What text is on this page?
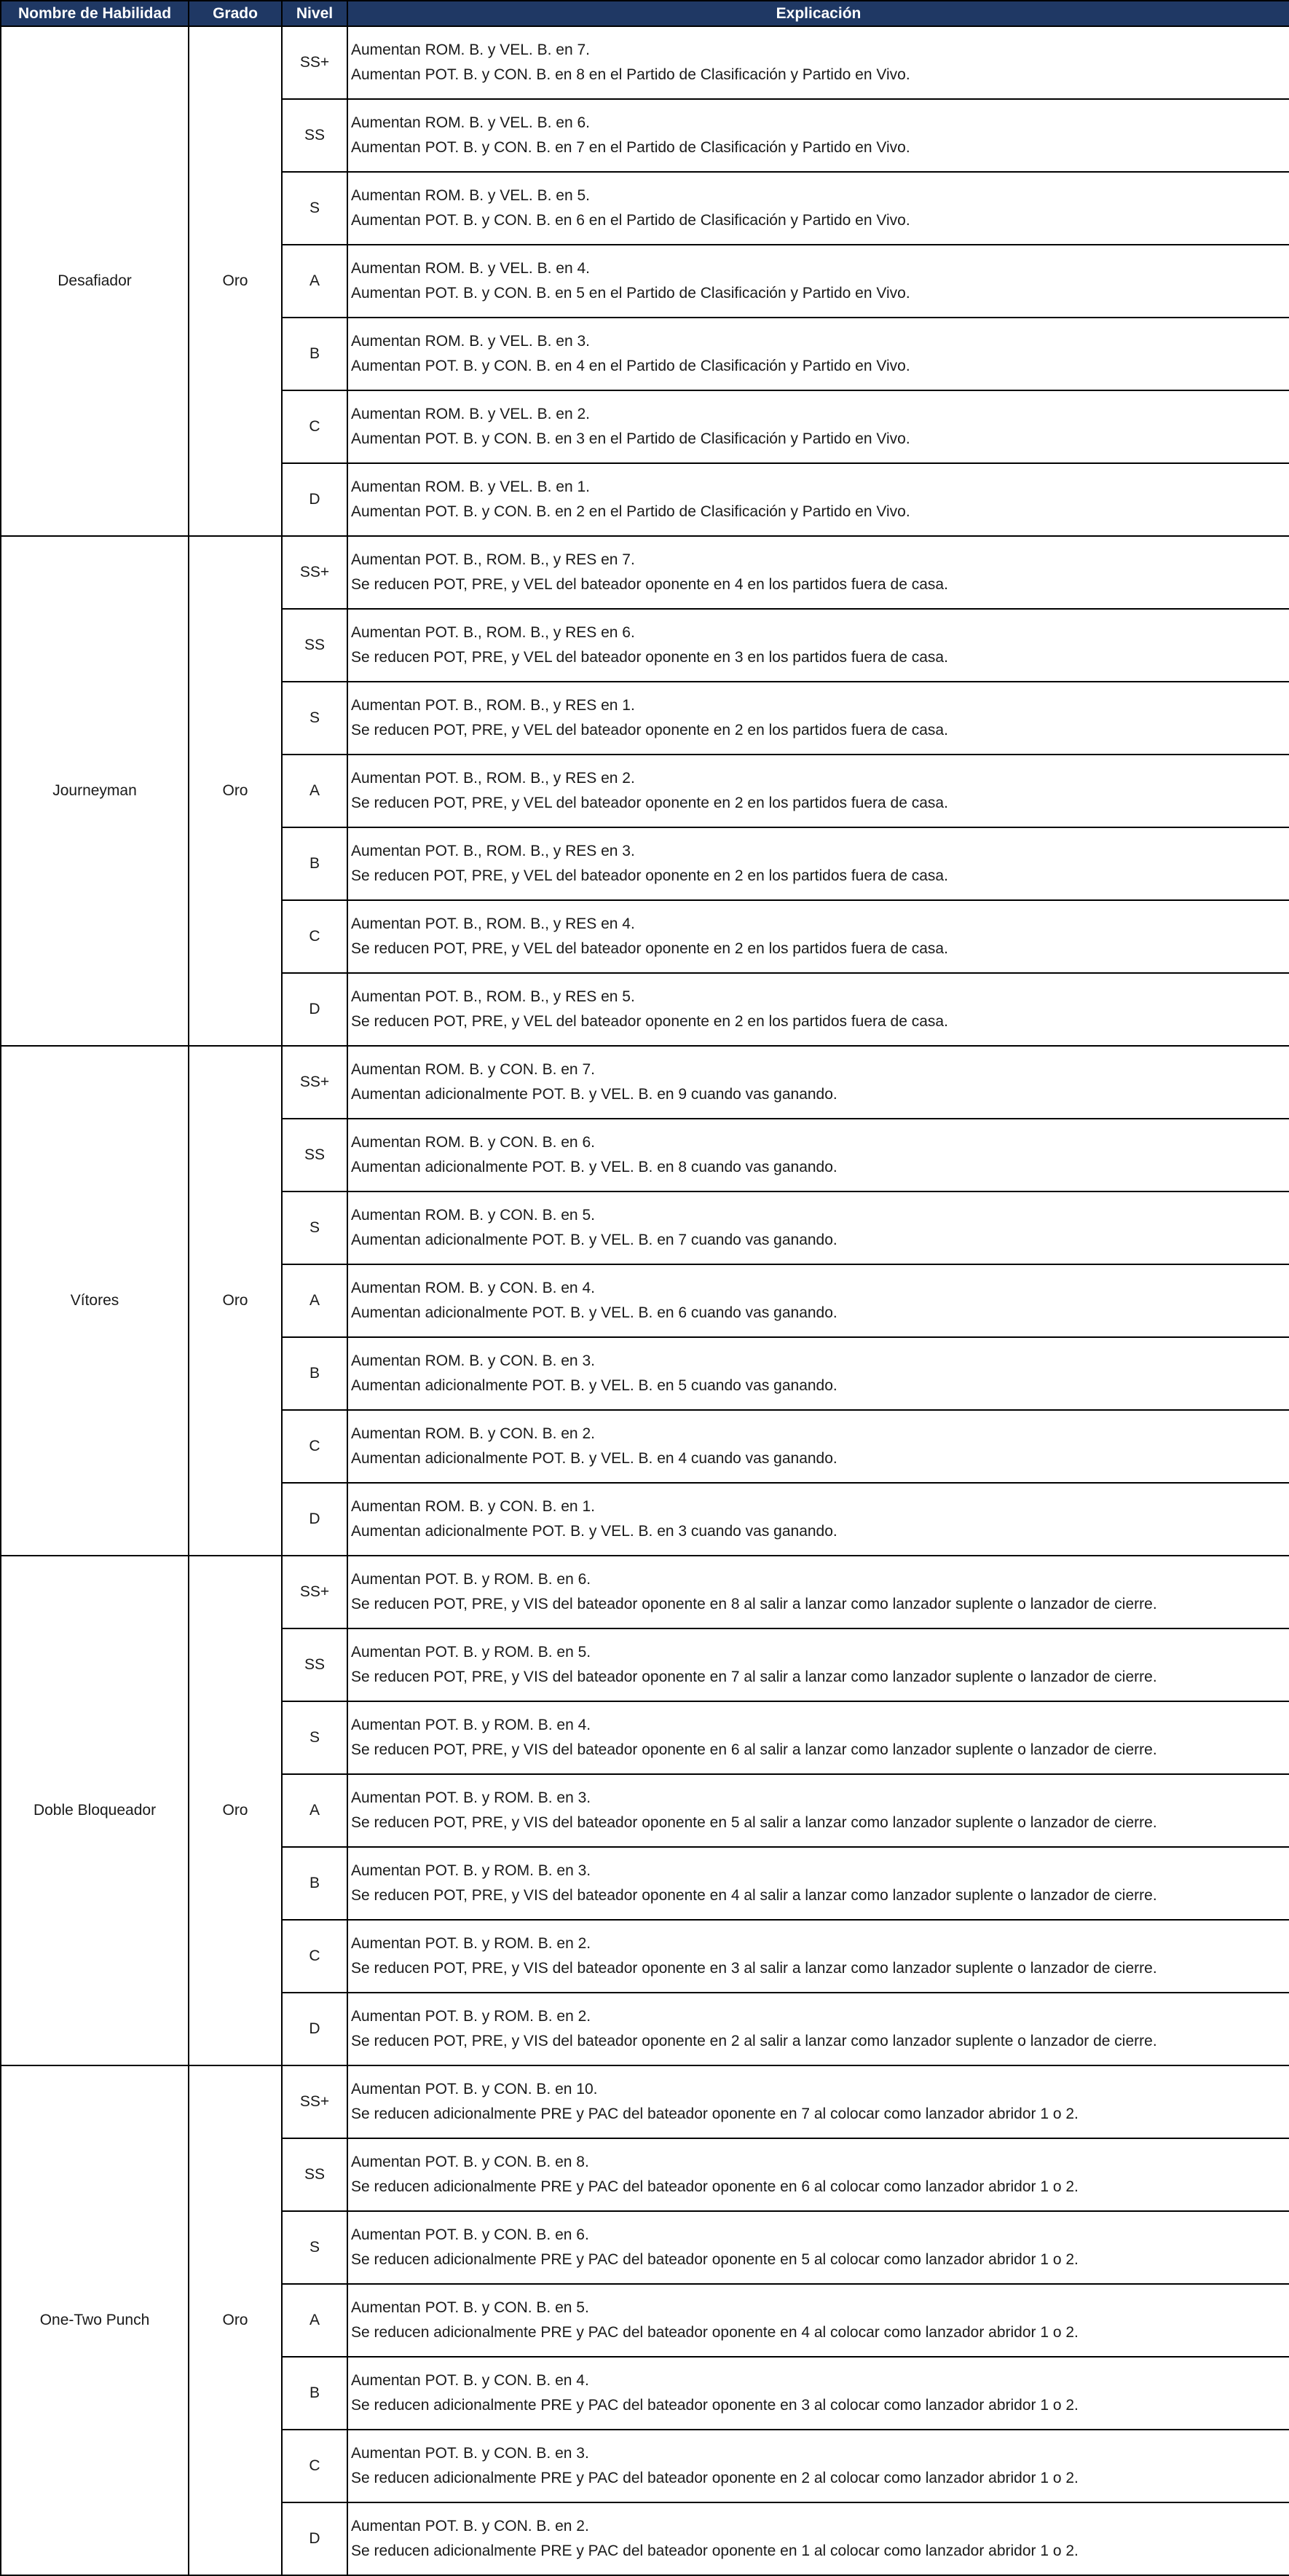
Nombre de Habilidad	Grado	Nivel	Explicación
Desafiador	Oro	SS+	Aumentan ROM. B. y VEL. B. en 7.
Aumentan POT. B. y CON. B. en 8 en el Partido de Clasificación y Partido en Vivo.

		SS	Aumentan ROM. B. y VEL. B. en 6.
Aumentan POT. B. y CON. B. en 7 en el Partido de Clasificación y Partido en Vivo.

		S	Aumentan ROM. B. y VEL. B. en 5.
Aumentan POT. B. y CON. B. en 6 en el Partido de Clasificación y Partido en Vivo.

		A	Aumentan ROM. B. y VEL. B. en 4.
Aumentan POT. B. y CON. B. en 5 en el Partido de Clasificación y Partido en Vivo.

		B	Aumentan ROM. B. y VEL. B. en 3.
Aumentan POT. B. y CON. B. en 4 en el Partido de Clasificación y Partido en Vivo.

		C	Aumentan ROM. B. y VEL. B. en 2.
Aumentan POT. B. y CON. B. en 3 en el Partido de Clasificación y Partido en Vivo.

		D	Aumentan ROM. B. y VEL. B. en 1.
Aumentan POT. B. y CON. B. en 2 en el Partido de Clasificación y Partido en Vivo.

Journeyman	Oro	SS+	Aumentan POT. B., ROM. B., y RES en 7.
Se reducen POT, PRE, y VEL del bateador oponente en 4 en los partidos fuera de casa.

		SS	Aumentan POT. B., ROM. B., y RES en 6.
Se reducen POT, PRE, y VEL del bateador oponente en 3 en los partidos fuera de casa.

		S	Aumentan POT. B., ROM. B., y RES en 1.
Se reducen POT, PRE, y VEL del bateador oponente en 2 en los partidos fuera de casa.

		A	Aumentan POT. B., ROM. B., y RES en 2.
Se reducen POT, PRE, y VEL del bateador oponente en 2 en los partidos fuera de casa.

		B	Aumentan POT. B., ROM. B., y RES en 3.
Se reducen POT, PRE, y VEL del bateador oponente en 2 en los partidos fuera de casa.

		C	Aumentan POT. B., ROM. B., y RES en 4.
Se reducen POT, PRE, y VEL del bateador oponente en 2 en los partidos fuera de casa.

		D	Aumentan POT. B., ROM. B., y RES en 5.
Se reducen POT, PRE, y VEL del bateador oponente en 2 en los partidos fuera de casa.

Vítores	Oro	SS+	Aumentan ROM. B. y CON. B. en 7.
Aumentan adicionalmente POT. B. y VEL. B. en 9 cuando vas ganando.

		SS	Aumentan ROM. B. y CON. B. en 6.
Aumentan adicionalmente POT. B. y VEL. B. en 8 cuando vas ganando.

		S	Aumentan ROM. B. y CON. B. en 5.
Aumentan adicionalmente POT. B. y VEL. B. en 7 cuando vas ganando.

		A	Aumentan ROM. B. y CON. B. en 4.
Aumentan adicionalmente POT. B. y VEL. B. en 6 cuando vas ganando.

		B	Aumentan ROM. B. y CON. B. en 3.
Aumentan adicionalmente POT. B. y VEL. B. en 5 cuando vas ganando.

		C	Aumentan ROM. B. y CON. B. en 2.
Aumentan adicionalmente POT. B. y VEL. B. en 4 cuando vas ganando.

		D	Aumentan ROM. B. y CON. B. en 1.
Aumentan adicionalmente POT. B. y VEL. B. en 3 cuando vas ganando.

Doble Bloqueador	Oro	SS+	Aumentan POT. B. y ROM. B. en 6.
Se reducen POT, PRE, y VIS del bateador oponente en 8 al salir a lanzar como lanzador suplente o lanzador de cierre.

		SS	Aumentan POT. B. y ROM. B. en 5.
Se reducen POT, PRE, y VIS del bateador oponente en 7 al salir a lanzar como lanzador suplente o lanzador de cierre.

		S	Aumentan POT. B. y ROM. B. en 4.
Se reducen POT, PRE, y VIS del bateador oponente en 6 al salir a lanzar como lanzador suplente o lanzador de cierre.

		A	Aumentan POT. B. y ROM. B. en 3.
Se reducen POT, PRE, y VIS del bateador oponente en 5 al salir a lanzar como lanzador suplente o lanzador de cierre.

		B	Aumentan POT. B. y ROM. B. en 3.
Se reducen POT, PRE, y VIS del bateador oponente en 4 al salir a lanzar como lanzador suplente o lanzador de cierre.

		C	Aumentan POT. B. y ROM. B. en 2.
Se reducen POT, PRE, y VIS del bateador oponente en 3 al salir a lanzar como lanzador suplente o lanzador de cierre.

		D	Aumentan POT. B. y ROM. B. en 2.
Se reducen POT, PRE, y VIS del bateador oponente en 2 al salir a lanzar como lanzador suplente o lanzador de cierre.

One-Two Punch	Oro	SS+	Aumentan POT. B. y CON. B. en 10.
Se reducen adicionalmente PRE y PAC del bateador oponente en 7 al colocar como lanzador abridor 1 o 2.

		SS	Aumentan POT. B. y CON. B. en 8.
Se reducen adicionalmente PRE y PAC del bateador oponente en 6 al colocar como lanzador abridor 1 o 2.

		S	Aumentan POT. B. y CON. B. en 6.
Se reducen adicionalmente PRE y PAC del bateador oponente en 5 al colocar como lanzador abridor 1 o 2.

		A	Aumentan POT. B. y CON. B. en 5.
Se reducen adicionalmente PRE y PAC del bateador oponente en 4 al colocar como lanzador abridor 1 o 2.

		B	Aumentan POT. B. y CON. B. en 4.
Se reducen adicionalmente PRE y PAC del bateador oponente en 3 al colocar como lanzador abridor 1 o 2.

		C	Aumentan POT. B. y CON. B. en 3.
Se reducen adicionalmente PRE y PAC del bateador oponente en 2 al colocar como lanzador abridor 1 o 2.

		D	Aumentan POT. B. y CON. B. en 2.
Se reducen adicionalmente PRE y PAC del bateador oponente en 1 al colocar como lanzador abridor 1 o 2.
